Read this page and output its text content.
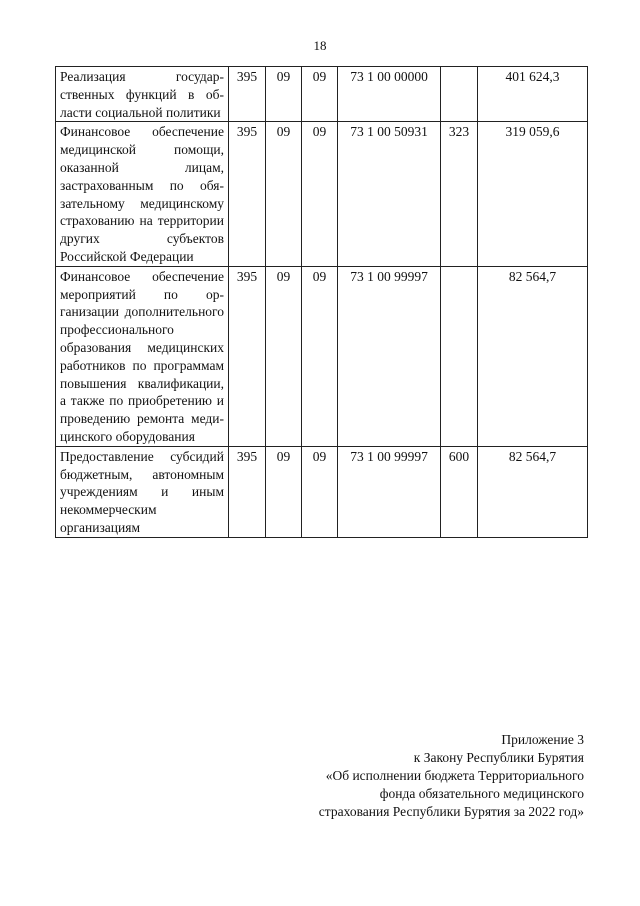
18
Реализация государственных функций в области социальной политики	395	09	09	73 1 00 00000		401 624,3
Финансовое обеспечение медицинской помощи, оказанной лицам, застрахованным по обязательному медицинскому страхованию на территории других субъектов Российской Федерации	395	09	09	73 1 00 50931	323	319 059,6
Финансовое обеспечение мероприятий по организации дополнительного профессионального образования медицинских работников по программам повышения квалификации, а также по приобретению и проведению ремонта медицинского оборудования	395	09	09	73 1 00 99997		82 564,7
Предоставление субсидий бюджетным, автономным учреждениям и иным некоммерческим организациям	395	09	09	73 1 00 99997	600	82 564,7
Приложение 3
к Закону Республики Бурятия
«Об исполнении бюджета Территориального
фонда обязательного медицинского
страхования Республики Бурятия за 2022 год»
